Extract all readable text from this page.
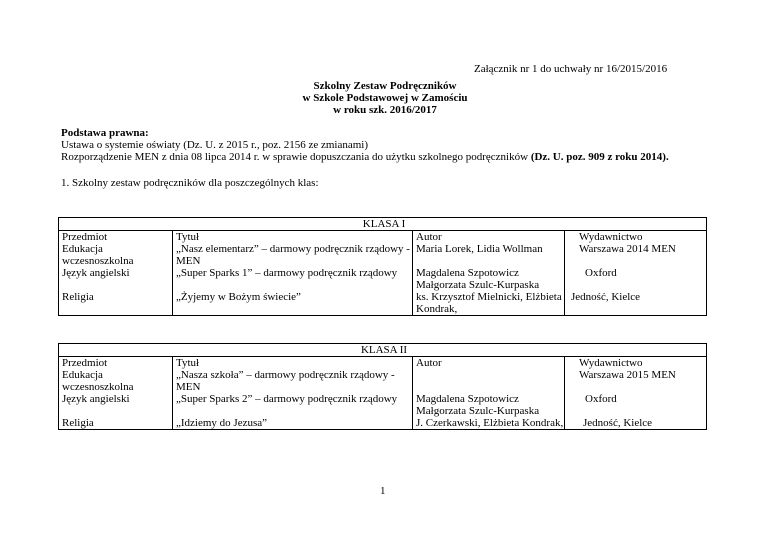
Załącznik nr 1 do uchwały nr 16/2015/2016
Szkolny Zestaw Podręczników
w Szkole Podstawowej w Zamościu
w roku szk. 2016/2017
Podstawa prawna:
Ustawa o systemie oświaty (Dz. U. z 2015 r., poz. 2156 ze zmianami)
Rozporządzenie MEN z dnia 08 lipca 2014 r. w sprawie dopuszczania do użytku szkolnego podręczników (Dz. U. poz. 909 z roku 2014).
1. Szkolny zestaw podręczników dla poszczególnych klas:
KLASA I			
Przedmiot	Tytuł	Autor	Wydawnictwo

Edukacja wczesnoszkolna	„Nasz elementarz” – darmowy podręcznik rządowy - MEN	Maria Lorek, Lidia Wollman	Warszawa 2014 MEN

Język angielski	„Super Sparks 1” – darmowy podręcznik rządowy	Magdalena Szpotowicz Małgorzata Szulc-Kurpaska	Oxford

Religia	„Żyjemy w Bożym świecie”	ks. Krzysztof Mielnicki, Elżbieta Kondrak,	Jedność, Kielce
KLASA II			
Przedmiot	Tytuł	Autor	Wydawnictwo

Edukacja wczesnoszkolna	„Nasza szkoła” – darmowy podręcznik rządowy - MEN		Warszawa 2015 MEN

Język angielski	„Super Sparks 2” – darmowy podręcznik rządowy	Magdalena Szpotowicz Małgorzata Szulc-Kurpaska	Oxford

Religia	„Idziemy do Jezusa”	J. Czerkawski, Elżbieta Kondrak,	Jedność, Kielce
1
